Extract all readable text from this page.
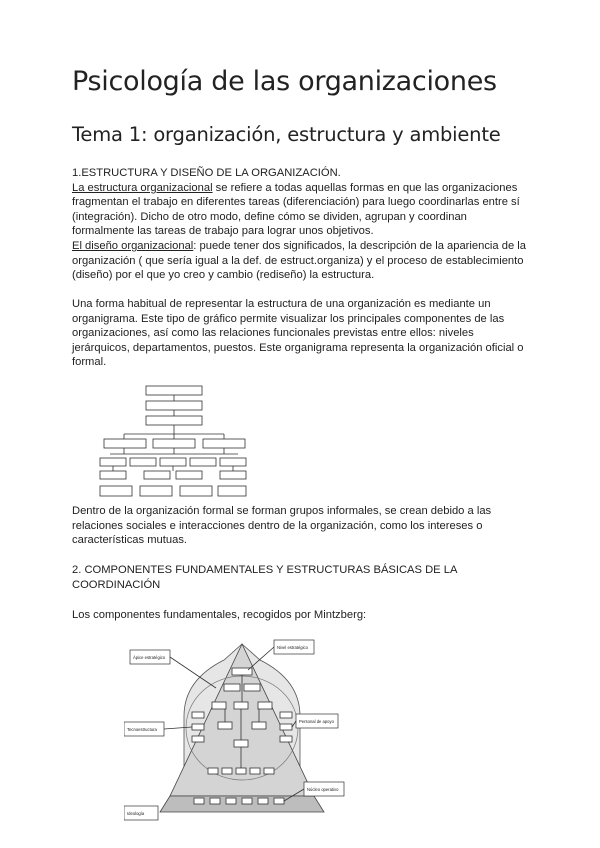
Psicología de las organizaciones
Tema 1: organización, estructura y ambiente
1.ESTRUCTURA Y DISEÑO DE LA ORGANIZACIÓN.
La estructura organizacional se refiere a todas aquellas formas en que las organizaciones fragmentan el trabajo en diferentes tareas (diferenciación) para luego coordinarlas entre sí (integración). Dicho de otro modo, define cómo se dividen, agrupan y coordinan formalmente las tareas de trabajo para lograr unos objetivos.
El diseño organizacional: puede tener dos significados, la descripción de la apariencia de la organización ( que sería igual a la def. de estruct.organiza) y el proceso de establecimiento (diseño) por el que yo creo y cambio (rediseño) la estructura.
Una forma habitual de representar la estructura de una organización es mediante un organigrama. Este tipo de gráfico permite visualizar los principales componentes de las organizaciones, así como las relaciones funcionales previstas entre ellos: niveles jerárquicos, departamentos, puestos. Este organigrama representa la organización oficial o formal.
Dentro de la organización formal se forman grupos informales, se crean debido a las relaciones sociales e interacciones dentro de la organización, como los intereses o características mutuas.
2. COMPONENTES FUNDAMENTALES Y ESTRUCTURAS BÁSICAS DE LA COORDINACIÓN
Los componentes fundamentales, recogidos por Mintzberg:
Ápice estratégico
Nivel estratégico
Tecnoestructura
Personal de apoyo
Núcleo operativo
Ideología
